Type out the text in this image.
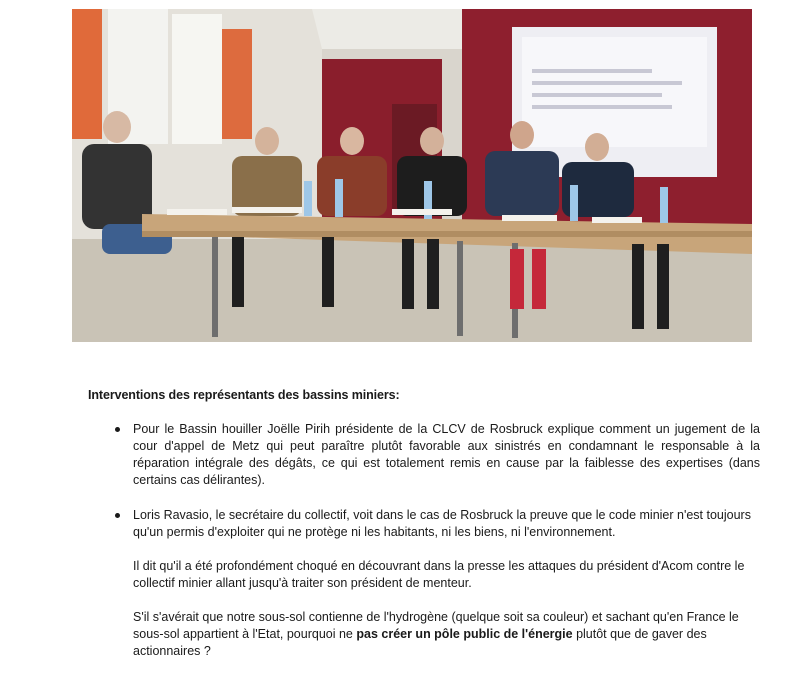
Interventions des représentants des bassins miniers:

Pour le Bassin houiller Joëlle Pirih présidente de la CLCV de Rosbruck explique comment un jugement de la cour d'appel de Metz qui peut paraître plutôt favorable aux sinistrés en condamnant le responsable à la réparation intégrale des dégâts, ce qui est totalement remis en cause par la faiblesse des expertises (dans certains cas délirantes).

Loris Ravasio, le secrétaire du collectif, voit dans le cas de Rosbruck la preuve que le code minier n'est toujours qu'un permis d'exploiter qui ne protège ni les habitants, ni les biens, ni l'environnement.

Il dit qu'il a été profondément choqué en découvrant dans la presse les attaques du président d'Acom contre le collectif minier allant jusqu'à traiter son président de menteur.

S'il s'avérait que notre sous-sol contienne de l'hydrogène (quelque soit sa couleur) et sachant qu'en France le sous-sol appartient à l'Etat, pourquoi ne pas créer un pôle public de l'énergie plutôt que de gaver des actionnaires ?
